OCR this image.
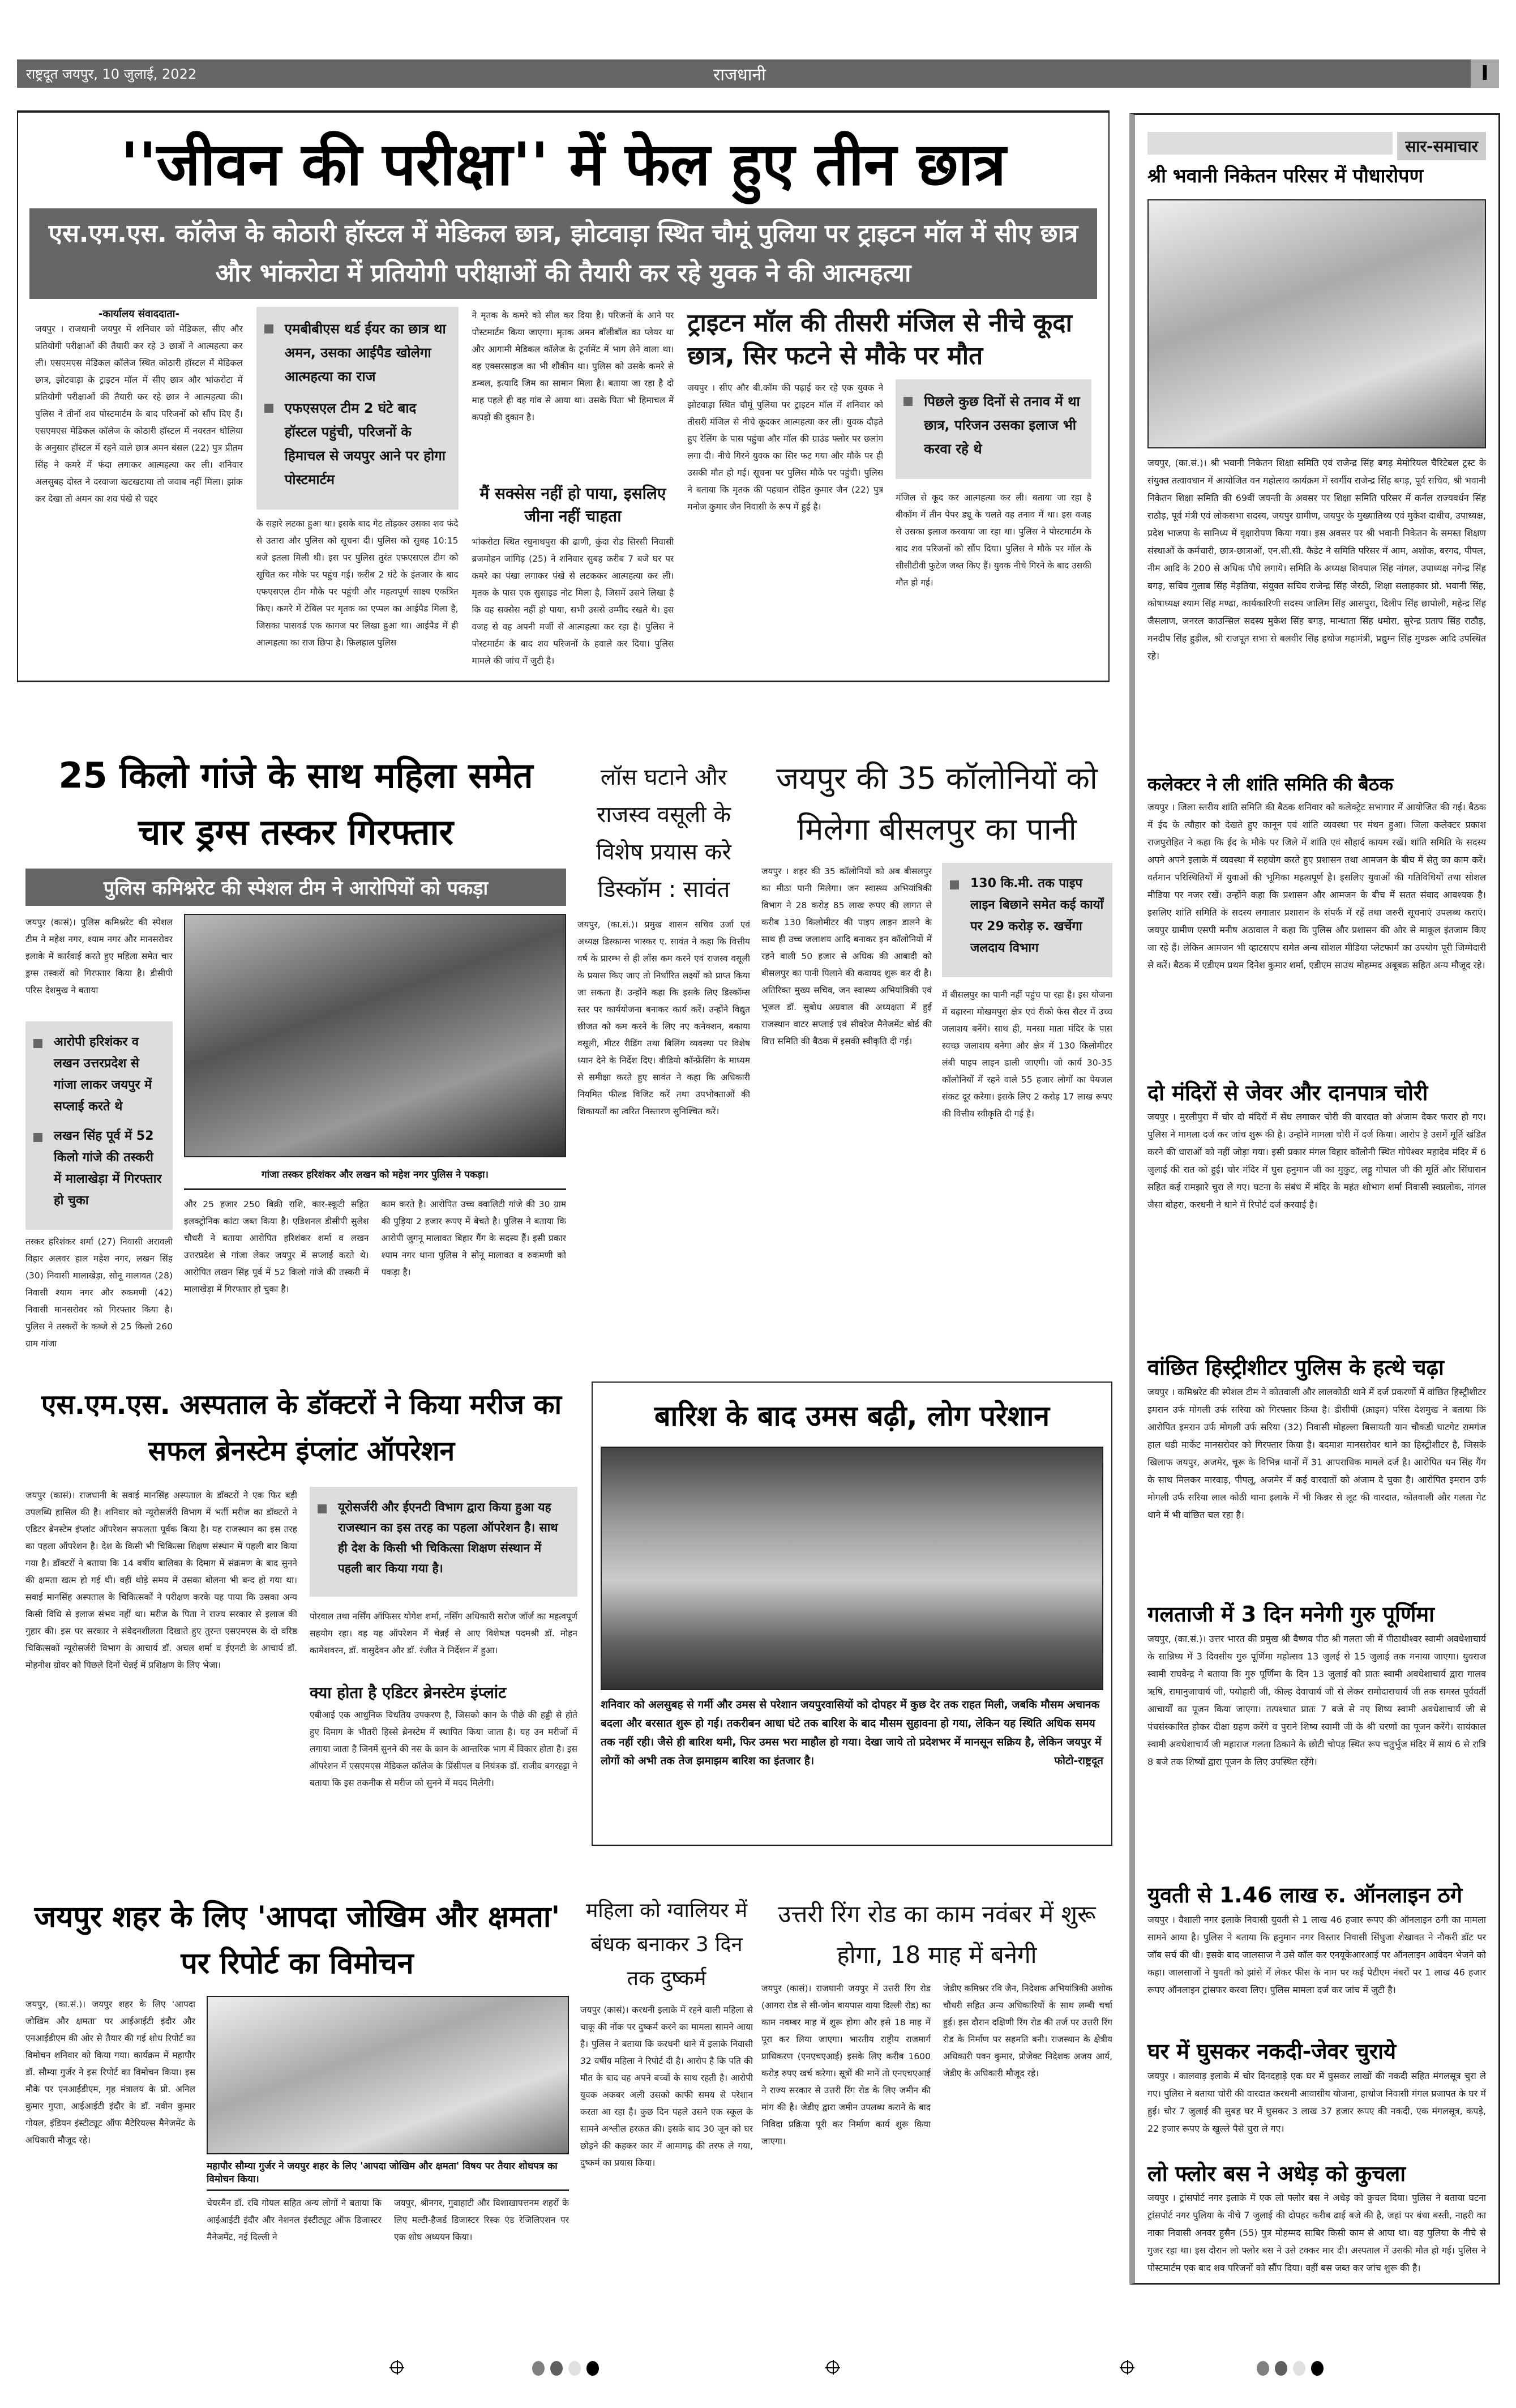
राष्ट्रदूत जयपुर, 10 जुलाई, 2022	राजधानी	I
''जीवन की परीक्षा'' में फेल हुए तीन छात्र
एस.एम.एस. कॉलेज के कोठारी हॉस्टल में मेडिकल छात्र, झोटवाड़ा स्थित चौमूं पुलिया पर ट्राइटन मॉल में सीए छात्र और भांकरोटा में प्रतियोगी परीक्षाओं की तैयारी कर रहे युवक ने की आत्महत्या
-कार्यालय संवाददाता-
जयपुर । राजधानी जयपुर में शनिवार को मेडिकल, सीए और प्रतियोगी परीक्षाओं की तैयारी कर रहे 3 छात्रों ने आत्महत्या कर ली। एसएमएस मेडिकल कॉलेज स्थित कोठारी हॉस्टल में मेडिकल छात्र, झोटवाड़ा के ट्राइटन मॉल में सीए छात्र और भांकरोटा में प्रतियोगी परीक्षाओं की तैयारी कर रहे छात्र ने आत्महत्या की। पुलिस ने तीनों शव पोस्टमार्टम के बाद परिजनों को सौंप दिए हैं। एसएमएस मेडिकल कॉलेज के कोठारी हॉस्टल में नवरतन धोलिया के अनुसार हॉस्टल में रहने वाले छात्र अमन बंसल (22) पुत्र प्रीतम सिंह ने कमरे में फंदा लगाकर आत्महत्या कर ली। शनिवार अलसुबह दोस्त ने दरवाजा खटखटाया तो जवाब नहीं मिला। झांक कर देखा तो अमन का शव पंखे से चद्दर
एमबीबीएस थर्ड ईयर का छात्र था अमन, उसका आईपैड खोलेगा आत्महत्या का राज
एफएसएल टीम 2 घंटे बाद हॉस्टल पहुंची, परिजनों के हिमाचल से जयपुर आने पर होगा पोस्टमार्टम
के सहारे लटका हुआ था। इसके बाद गेट तोड़कर उसका शव फंदे से उतारा और पुलिस को सूचना दी। पुलिस को सुबह 10:15 बजे इतला मिली थी। इस पर पुलिस तुरंत एफएसएल टीम को सूचित कर मौके पर पहुंच गई। करीब 2 घंटे के इंतजार के बाद एफएसएल टीम मौके पर पहुंची और महत्वपूर्ण साक्ष्य एकत्रित किए। कमरे में टेबिल पर मृतक का एप्पल का आईपैड मिला है, जिसका पासवर्ड एक कागज पर लिखा हुआ था। आईपैड में ही आत्महत्या का राज छिपा है। फ़िलहाल पुलिस
ने मृतक के कमरे को सील कर दिया है। परिजनों के आने पर पोस्टमार्टम किया जाएगा। मृतक अमन बॉलीबॉल का प्लेयर था और आगामी मेडिकल कॉलेज के टूर्नामेंट में भाग लेने वाला था। वह एक्सरसाइज का भी शौकीन था। पुलिस को उसके कमरे से डम्बल, इत्यादि जिम का सामान मिला है। बताया जा रहा है दो माह पहले ही वह गांव से आया था। उसके पिता भी हिमाचल में कपड़ों की दुकान है।
मैं सक्सेस नहीं हो पाया, इसलिए जीना नहीं चाहता
भांकरोटा स्थित रघुनाथपुरा की ढाणी, कुंदा रोड सिरसी निवासी ब्रजमोहन जांगिड़ (25) ने शनिवार सुबह करीब 7 बजे घर पर कमरे का पंखा लगाकर पंखे से लटककर आत्महत्या कर ली। मृतक के पास एक सुसाइड नोट मिला है, जिसमें उसने लिखा है कि वह सक्सेस नहीं हो पाया, सभी उससे उम्मीद रखते थे। इस वजह से वह अपनी मर्जी से आत्महत्या कर रहा है। पुलिस ने पोस्टमार्टम के बाद शव परिजनों के हवाले कर दिया। पुलिस मामले की जांच में जुटी है।
ट्राइटन मॉल की तीसरी मंजिल से नीचे कूदा छात्र, सिर फटने से मौके पर मौत
जयपुर । सीए और बी.कॉम की पढ़ाई कर रहे एक युवक ने झोटवाड़ा स्थित चौमूं पुलिया पर ट्राइटन मॉल में शनिवार को तीसरी मंजिल से नीचे कूदकर आत्महत्या कर ली। युवक दौड़ते हुए रेलिंग के पास पहुंचा और मॉल की ग्राउंड फ्लोर पर छलांग लगा दी। नीचे गिरने युवक का सिर फट गया और मौके पर ही उसकी मौत हो गई। सूचना पर पुलिस मौके पर पहुंची। पुलिस ने बताया कि मृतक की पहचान रोहित कुमार जैन (22) पुत्र मनोज कुमार जैन निवासी के रूप में हुई है।
पिछले कुछ दिनों से तनाव में था छात्र, परिजन उसका इलाज भी करवा रहे थे
मंजिल से कूद कर आत्महत्या कर ली। बताया जा रहा है बीकॉम में तीन पेपर ड्यू के चलते वह तनाव में था। इस वजह से उसका इलाज करवाया जा रहा था। पुलिस ने पोस्टमार्टम के बाद शव परिजनों को सौंप दिया। पुलिस ने मौके पर मॉल के सीसीटीवी फुटेज जब्त किए हैं। युवक नीचे गिरने के बाद उसकी मौत हो गई।
सार-समाचार
श्री भवानी निकेतन परिसर में पौधारोपण
जयपुर, (का.सं.)। श्री भवानी निकेतन शिक्षा समिति एवं राजेन्द्र सिंह बगड़ मेमोरियल चैरिटेबल ट्रस्ट के संयुक्त तत्वावधान में आयोजित वन महोत्सव कार्यक्रम में स्वर्गीय राजेन्द्र सिंह बगड़, पूर्व सचिव, श्री भवानी निकेतन शिक्षा समिति की 69वीं जयन्ती के अवसर पर शिक्षा समिति परिसर में कर्नल राज्यवर्धन सिंह राठौड़, पूर्व मंत्री एवं लोकसभा सदस्य, जयपुर ग्रामीण, जयपुर के मुख्यातिथ्य एवं मुकेश दाधीच, उपाध्यक्ष, प्रदेश भाजपा के सानिध्य में वृक्षारोपण किया गया। इस अवसर पर श्री भवानी निकेतन के समस्त शिक्षण संस्थाओं के कर्मचारी, छात्र-छात्राओं, एन.सी.सी. कैडेट ने समिति परिसर में आम, अशोक, बरगद, पीपल, नीम आदि के 200 से अधिक पौधे लगाये। समिति के अध्यक्ष शिवपाल सिंह नांगल, उपाध्यक्ष नगेन्द्र सिंह बगड़, सचिव गुलाब सिंह मेड़तिया, संयुक्त सचिव राजेन्द्र सिंह जेरठी, शिक्षा सलाहकार प्रो. भवानी सिंह, कोषाध्यक्ष श्याम सिंह मण्ढा, कार्यकारिणी सदस्य जालिम सिंह आसपुरा, दिलीप सिंह छापोली, महेन्द्र सिंह जैसलाण, जनरल काउन्सिल सदस्य मुकेश सिंह बगड़, मान्धाता सिंह धमोरा, सुरेन्द्र प्रताप सिंह राठौड़, मनदीप सिंह हुड़ील, श्री राजपूत सभा से बलवीर सिंह हथोज महामंत्री, प्रद्युम्न सिंह मुण्डरू आदि उपस्थित रहे।
कलेक्टर ने ली शांति समिति की बैठक
जयपुर । जिला स्तरीय शांति समिति की बैठक शनिवार को कलेक्ट्रेट सभागार में आयोजित की गई। बैठक में ईद के त्यौहार को देखते हुए कानून एवं शांति व्यवस्था पर मंथन हुआ। जिला कलेक्टर प्रकाश राजपुरोहित ने कहा कि ईद के मौके पर जिले में शांति एवं सौहार्द कायम रखें। शांति समिति के सदस्य अपने अपने इलाके में व्यवस्था में सहयोग करते हुए प्रशासन तथा आमजन के बीच में सेतु का काम करें। वर्तमान परिस्थितियों में युवाओं की भूमिका महत्वपूर्ण है। इसलिए युवाओं की गतिविधियों तथा सोशल मीडिया पर नजर रखें। उन्होंने कहा कि प्रशासन और आमजन के बीच में सतत संवाद आवश्यक है। इसलिए शांति समिति के सदस्य लगातार प्रशासन के संपर्क में रहें तथा जरुरी सूचनाएं उपलब्ध कराएं। जयपुर ग्रामीण एसपी मनीष अठावाल ने कहा कि पुलिस और प्रशासन की ओर से माकूल इंतजाम किए जा रहे हैं। लेकिन आमजन भी व्हाटसएप समेत अन्य सोशल मीडिया प्लेटफार्म का उपयोग पूरी जिम्मेदारी से करें। बैठक में एडीएम प्रथम दिनेश कुमार शर्मा, एडीएम साउथ मोहम्मद अबूबक्र सहित अन्य मौजूद रहे।
दो मंदिरों से जेवर और दानपात्र चोरी
जयपुर । मुरलीपुरा में चोर दो मंदिरों में सेंध लगाकर चोरी की वारदात को अंजाम देकर फरार हो गए। पुलिस ने मामला दर्ज कर जांच शुरू की है। उन्होंने मामला चोरी में दर्ज किया। आरोप है उसमें मूर्ति खंडित करने की धाराओं को नहीं जोड़ा गया। इसी प्रकार मंगल विहार कॉलोनी स्थित गोपेश्वर महादेव मंदिर में 6 जुलाई की रात को हुई। चोर मंदिर में घुस हनुमान जी का मुकुट, लड्डू गोपाल जी की मूर्ति और सिंघासन सहित कई रामझारे चुरा ले गए। घटना के संबंध में मंदिर के महंत शोभाग शर्मा निवासी स्वप्नलोक, नांगल जैसा बोहरा, करधनी ने थाने में रिपोर्ट दर्ज करवाई है।
वांछित हिस्ट्रीशीटर पुलिस के हत्थे चढ़ा
जयपुर । कमिश्नरेट की स्पेशल टीम ने कोतवाली और लालकोठी थाने में दर्ज प्रकरणों में वांछित हिस्ट्रीशीटर इमरान उर्फ मोगली उर्फ सरिया को गिरफ्तार किया है। डीसीपी (क्राइम) परिस देशमुख ने बताया कि आरोपित इमरान उर्फ मोगली उर्फ सरिया (32) निवासी मोहल्ला बिसायती यान चौकडी घाटगेट रामगंज हाल थडी मार्केट मानसरोवर को गिरफ्तार किया है। बदमाश मानसरोवर थाने का हिस्ट्रीशीटर है, जिसके खिलाफ जयपुर, अजमेर, चूरू के विभिन्न थानों में 31 आपराधिक मामले दर्ज है। आरोपित धन सिंह गैंग के साथ मिलकर मारवाड़, पीपलू, अजमेर में कई वारदातों को अंजाम दे चुका है। आरोपित इमरान उर्फ मोगली उर्फ सरिया लाल कोठी थाना इलाके में भी किन्नर से लूट की वारदात, कोतवाली और गलता गेट थाने में भी वांछित चल रहा है।
गलताजी में 3 दिन मनेगी गुरु पूर्णिमा
जयपुर, (का.सं.)। उत्तर भारत की प्रमुख श्री वैष्णव पीठ श्री गलता जी में पीठाधीश्वर स्वामी अवधेशाचार्य के सान्निध्य में 3 दिवसीय गुरु पूर्णिमा महोत्सव 13 जुलई से 15 जुलाई तक मनाया जाएगा। युवराज स्वामी राघवेन्द्र ने बताया कि गुरु पूर्णिमा के दिन 13 जुलाई को प्रातः स्वामी अवधेशाचार्य द्वारा गालव ऋषि, रामानुजाचार्य जी, पयोहारी जी, कील्ह देवाचार्य जी से लेकर रामोदाराचार्य जी तक समस्त पूर्ववर्ती आचार्यों का पूजन किया जाएगा। तत्पश्चात प्रातः 7 बजे से नए शिष्य स्वामी अवधेशाचार्य जी से पंचसंस्कारित होकर दीक्षा ग्रहण करेंगे व पुराने शिष्य स्वामी जी के श्री चरणों का पूजन करेंगे। सायंकाल स्वामी अवधेशाचार्य जी महाराज गलता ठिकाने के छोटी चोपड़ स्थित रूप चतुर्भुज मंदिर में सायं 6 से रात्रि 8 बजे तक शिष्यों द्वारा पूजन के लिए उपस्थित रहेंगे।
युवती से 1.46 लाख रु. ऑनलाइन ठगे
जयपुर । वैशाली नगर इलाके निवासी युवती से 1 लाख 46 हजार रूपए की ऑनलाइन ठगी का मामला सामने आया है। पुलिस ने बताया कि हनुमान नगर विस्तार निवासी सिंधुजा शेखावत ने नौकरी डॉट पर जॉब सर्च की थी। इसके बाद जालसाज ने उसे कॉल कर एनयूकेआरआई पर ऑनलाइन आवेदन भेजने को कहा। जालसाजों ने युवती को झांसे में लेकर फीस के नाम पर कई पेटीएम नंबरों पर 1 लाख 46 हजार रूपए ऑनलाइन ट्रांसफर करवा लिए। पुलिस मामला दर्ज कर जांच में जुटी है।
घर में घुसकर नकदी-जेवर चुराये
जयपुर । कालवाड़ इलाके में चोर दिनदहाड़े एक घर में घुसकर लाखों की नकदी सहित मंगलसूत्र चुरा ले गए। पुलिस ने बताया चोरी की वारदात करधनी आवासीय योजना, हाथोज निवासी मंगल प्रजापत के घर में हुई। चोर 7 जुलाई की सुबह घर में घुसकर 3 लाख 37 हजार रूपए की नकदी, एक मंगलसूत्र, कपड़े, 22 हजार रूपए के खुल्ले पैसे चुरा ले गए।
लो फ्लोर बस ने अधेड़ को कुचला
जयपुर । ट्रांसपोर्ट नगर इलाके में एक लो फ्लोर बस ने अधेड़ को कुचल दिया। पुलिस ने बताया घटना ट्रांसपोर्ट नगर पुलिया के नीचे 7 जुलाई की दोपहर करीब ढाई बजे की है, जहां पर बंधा बस्ती, नाहरी का नाका निवासी अनवर हुसैन (55) पुत्र मोहम्मद साबिर किसी काम से आया था। वह पुलिया के नीचे से गुजर रहा था। इस दौरान लो फ्लोर बस ने उसे टक्कर मार दी। अस्पताल में उसकी मौत हो गई। पुलिस ने पोस्टमार्टम एक बाद शव परिजनों को सौंप दिया। वहीं बस जब्त कर जांच शुरू की है।
25 किलो गांजे के साथ महिला समेत चार ड्रग्स तस्कर गिरफ्तार
पुलिस कमिश्नरेट की स्पेशल टीम ने आरोपियों को पकड़ा
जयपुर (कासं)। पुलिस कमिश्नरेट की स्पेशल टीम ने महेश नगर, श्याम नगर और मानसरोवर इलाके में कार्रवाई करते हुए महिला समेत चार ड्रग्स तस्करों को गिरफ्तार किया है। डीसीपी परिस देशमुख ने बताया
आरोपी हरिशंकर व लखन उत्तरप्रदेश से गांजा लाकर जयपुर में सप्लाई करते थे
लखन सिंह पूर्व में 52 किलो गांजे की तस्करी में मालाखेड़ा में गिरफ्तार हो चुका
तस्कर हरिशंकर शर्मा (27) निवासी अरावली विहार अलवर हाल महेश नगर, लखन सिंह (30) निवासी मालाखेड़ा, सोनू मालावत (28) निवासी श्याम नगर और रुकमणी (42) निवासी मानसरोवर को गिरफ्तार किया है। पुलिस ने तस्करों के कब्जे से 25 किलो 260 ग्राम गांजा
गांजा तस्कर हरिशंकर और लखन को महेश नगर पुलिस ने पकड़ा।
और 25 हजार 250 बिक्री राशि, कार-स्कूटी सहित इलक्ट्रोनिक कांटा जब्त किया है। एडिशनल डीसीपी सुलेश चौधरी ने बताया आरोपित हरिशंकर शर्मा व लखन उत्तरप्रदेश से गांजा लेकर जयपुर में सप्लाई करते थे। आरोपित लखन सिंह पूर्व में 52 किलो गांजे की तस्करी में मालाखेड़ा में गिरफ्तार हो चुका है।
काम करते है। आरोपित उच्च क्वालिटी गांजे की 30 ग्राम की पुड़िया 2 हजार रूपए में बेचते है। पुलिस ने बताया कि आरोपी जुगनू मालावत बिहार गैंग के सदस्य हैं। इसी प्रकार श्याम नगर थाना पुलिस ने सोनू मालावत व रुकमणी को पकड़ा है।
लॉस घटाने और राजस्व वसूली के विशेष प्रयास करे डिस्कॉम : सावंत
जयपुर, (का.सं.)। प्रमुख शासन सचिव उर्जा एवं अध्यक्ष डिस्काम्स भास्कर ए. सावंत ने कहा कि वित्तीय वर्ष के प्रारम्भ से ही लॉस कम करने एवं राजस्व वसूली के प्रयास किए जाए तो निर्धारित लक्ष्यों को प्राप्त किया जा सकता हैं। उन्होंने कहा कि इसके लिए डिस्कॉम्स स्तर पर कार्ययोजना बनाकर कार्य करें। उन्होंने विद्युत छीजत को कम करने के लिए नए कनेक्शन, बकाया वसूली, मीटर रीडिंग तथा बिलिंग व्यवस्था पर विशेष ध्यान देने के निर्देश दिए। वीडियो कॉन्फ्रेंसिंग के माध्यम से समीक्षा करते हुए सावंत ने कहा कि अधिकारी नियमित फील्ड विजिट करें तथा उपभोक्ताओं की शिकायतों का त्वरित निस्तारण सुनिश्चित करें।
जयपुर की 35 कॉलोनियों को मिलेगा बीसलपुर का पानी
जयपुर । शहर की 35 कॉलोनियों को अब बीसलपुर का मीठा पानी मिलेगा। जन स्वास्थ्य अभियांत्रिकी विभाग ने 28 करोड़ 85 लाख रूपए की लागत से करीब 130 किलोमीटर की पाइप लाइन डालने के साथ ही उच्च जलाशय आदि बनाकर इन कॉलोनियों में रहने वाली 50 हजार से अधिक की आबादी को बीसलपुर का पानी पिलाने की कवायद शुरू कर दी है। अतिरिक्त मुख्य सचिव, जन स्वास्थ्य अभियांत्रिकी एवं भूजल डॉ. सुबोध अग्रवाल की अध्यक्षता में हुई राजस्थान वाटर सप्लाई एवं सीवरेज मैनेजमेंट बोर्ड की वित्त समिति की बैठक में इसकी स्वीकृति दी गई।
130 कि.मी. तक पाइप लाइन बिछाने समेत कई कार्यों पर 29 करोड़ रु. खर्चेगा जलदाय विभाग
में बीसलपुर का पानी नहीं पहुंच पा रहा है। इस योजना में बढ़ारना मोखमपुरा क्षेत्र एवं रीको फेस सैटर में उच्च जलाशय बनेंगे। साथ ही, मनसा माता मंदिर के पास स्वच्छ जलाशय बनेगा और क्षेत्र में 130 किलोमीटर लंबी पाइप लाइन डाली जाएगी। जो कार्य 30-35 कॉलोनियों में रहने वाले 55 हजार लोगों का पेयजल संकट दूर करेगा। इसके लिए 2 करोड़ 17 लाख रूपए की वित्तीय स्वीकृति दी गई है।
एस.एम.एस. अस्पताल के डॉक्टरों ने किया मरीज का सफल ब्रेनस्टेम इंप्लांट ऑपरेशन
जयपुर (कासं)। राजधानी के सवाई मानसिंह अस्पताल के डॉक्टरों ने एक फिर बड़ी उपलब्धि हासिल की है। शनिवार को न्यूरोसर्जरी विभाग में भर्ती मरीज का डॉक्टरों ने एडिटर ब्रेनस्टेम इंप्लांट ऑपरेशन सफलता पूर्वक किया है। यह राजस्थान का इस तरह का पहला ऑपरेशन है। देश के किसी भी चिकित्सा शिक्षण संस्थान में पहली बार किया गया है। डॉक्टरों ने बताया कि 14 वर्षीय बालिका के दिमाग में संक्रमण के बाद सुनने की क्षमता खत्म हो गई थी। वहीं थोड़े समय में उसका बोलना भी बन्द हो गया था। सवाई मानसिंह अस्पताल के चिकित्सकों ने परीक्षण करके यह पाया कि उसका अन्य किसी विधि से इलाज संभव नहीं था। मरीज के पिता ने राज्य सरकार से इलाज की गुहार की। इस पर सरकार ने संवेदनशीलता दिखाते हुए तुरन्त एसएमएस के दो वरिष्ठ चिकित्सकों न्यूरोसर्जरी विभाग के आचार्य डॉ. अचल शर्मा व ईएनटी के आचार्य डॉ. मोहनीश ग्रोवर को पिछले दिनों चेन्नई में प्रशिक्षण के लिए भेजा।
यूरोसर्जरी और ईएनटी विभाग द्वारा किया हुआ यह राजस्थान का इस तरह का पहला ऑपरेशन है। साथ ही देश के किसी भी चिकित्सा शिक्षण संस्थान में पहली बार किया गया है।
पोरवाल तथा नर्सिंग ऑफिसर योगेश शर्मा, नर्सिंग अधिकारी सरोज जॉर्ज का महत्वपूर्ण सहयोग रहा। वह यह ऑपरेशन में चेन्नई से आए विशेषज्ञ पदमश्री डॉ. मोहन कामेशवरन, डॉ. वासुदेवन और डॉ. रंजीत ने निर्देशन में हुआ।
क्या होता है एडिटर ब्रेनस्टेम इंप्लांट
एबीआई एक आधुनिक विधतिय उपकरण है, जिसको कान के पीछे की हड्डी से होते हुए दिमाग के भीतरी हिस्से ब्रेनस्टेम में स्थापित किया जाता है। यह उन मरीजों में लगाया जाता है जिनमें सुनने की नस के कान के आन्तरिक भाग में विकार होता है। इस ऑपरेशन में एसएमएस मेडिकल कॉलेज के प्रिंसीपल व नियंत्रक डॉ. राजीव बगरहट्टा ने बताया कि इस तकनीक से मरीज को सुनने में मदद मिलेगी।
बारिश के बाद उमस बढ़ी, लोग परेशान
शनिवार को अलसुबह से गर्मी और उमस से परेशान जयपुरवासियों को दोपहर में कुछ देर तक राहत मिली, जबकि मौसम अचानक बदला और बरसात शुरू हो गई। तकरीबन आधा घंटे तक बारिश के बाद मौसम सुहावना हो गया, लेकिन यह स्थिति अधिक समय तक नहीं रही। जैसे ही बारिश थमी, फिर उमस भरा माहौल हो गया। देखा जाये तो प्रदेशभर में मानसून सक्रिय है, लेकिन जयपुर में लोगों को अभी तक तेज झमाझम बारिश का इंतजार है।	फोटो-राष्ट्रदूत
जयपुर शहर के लिए 'आपदा जोखिम और क्षमता' पर रिपोर्ट का विमोचन
जयपुर, (का.सं.)। जयपुर शहर के लिए 'आपदा जोखिम और क्षमता' पर आईआईटी इंदौर और एनआईडीएम की ओर से तैयार की गई शोध रिपोर्ट का विमोचन शनिवार को किया गया। कार्यक्रम में महापौर डॉ. सौम्या गुर्जर ने इस रिपोर्ट का विमोचन किया। इस मौके पर एनआईडीएम, गृह मंत्रालय के प्रो. अनिल कुमार गुप्ता, आईआईटी इंदौर के डॉ. नवीन कुमार गोयल, इंडियन इंस्टीट्यूट ऑफ मैटेरियल्स मैनेजमेंट के अधिकारी मौजूद रहे।
महापौर सौम्या गुर्जर ने जयपुर शहर के लिए 'आपदा जोखिम और क्षमता' विषय पर तैयार शोधपत्र का विमोचन किया।
चेयरमैन डॉ. रवि गोयल सहित अन्य लोगों ने बताया कि आईआईटी इंदौर और नेशनल इंस्टीट्यूट ऑफ डिजास्टर मैनेजमेंट, नई दिल्ली ने
जयपुर, श्रीनगर, गुवाहाटी और विशाखापत्तनम शहरों के लिए मल्टी-हैजर्ड डिजास्टर रिस्क एंड रेजिलिएशन पर एक शोध अध्ययन किया।
महिला को ग्वालियर में बंधक बनाकर 3 दिन तक दुष्कर्म
जयपुर (कासं)। करधनी इलाके में रहने वाली महिला से चाकू की नोंक पर दुष्कर्म करने का मामला सामने आया है। पुलिस ने बताया कि करधनी थाने में इलाके निवासी 32 वर्षीय महिला ने रिपोर्ट दी है। आरोप है कि पति की मौत के बाद वह अपने बच्चों के साथ रहती है। आरोपी युवक अकबर अली उसको काफी समय से परेशान करता आ रहा है। कुछ दिन पहले उसने एक स्कूल के सामने अश्लील हरकत की। इसके बाद 30 जून को घर छोड़ने की कहकर कार में आमागढ़ की तरफ ले गया, दुष्कर्म का प्रयास किया।
उत्तरी रिंग रोड का काम नवंबर में शुरू होगा, 18 माह में बनेगी
जयपुर (कासं)। राजधानी जयपुर में उत्तरी रिंग रोड (आगरा रोड से सी-जोन बायपास वाया दिल्ली रोड) का काम नवम्बर माह में शुरू होगा और इसे 18 माह में पूरा कर लिया जाएगा। भारतीय राष्ट्रीय राजमार्ग प्राधिकरण (एनएचएआई) इसके लिए करीब 1600 करोड़ रुपए खर्च करेगा। सूत्रों की मानें तो एनएचएआई ने राज्य सरकार से उत्तरी रिंग रोड के लिए जमीन की मांग की है। जेडीए द्वारा जमीन उपलब्ध कराने के बाद निविदा प्रक्रिया पूरी कर निर्माण कार्य शुरू किया जाएगा।
जेडीए कमिश्नर रवि जैन, निदेशक अभियांत्रिकी अशोक चौधरी सहित अन्य अधिकारियों के साथ लम्बी चर्चा हुई। इस दौरान दक्षिणी रिंग रोड की तर्ज पर उत्तरी रिंग रोड के निर्माण पर सहमति बनी। राजस्थान के क्षेत्रीय अधिकारी पवन कुमार, प्रोजेक्ट निदेशक अजय आर्य, जेडीए के अधिकारी मौजूद रहे।
